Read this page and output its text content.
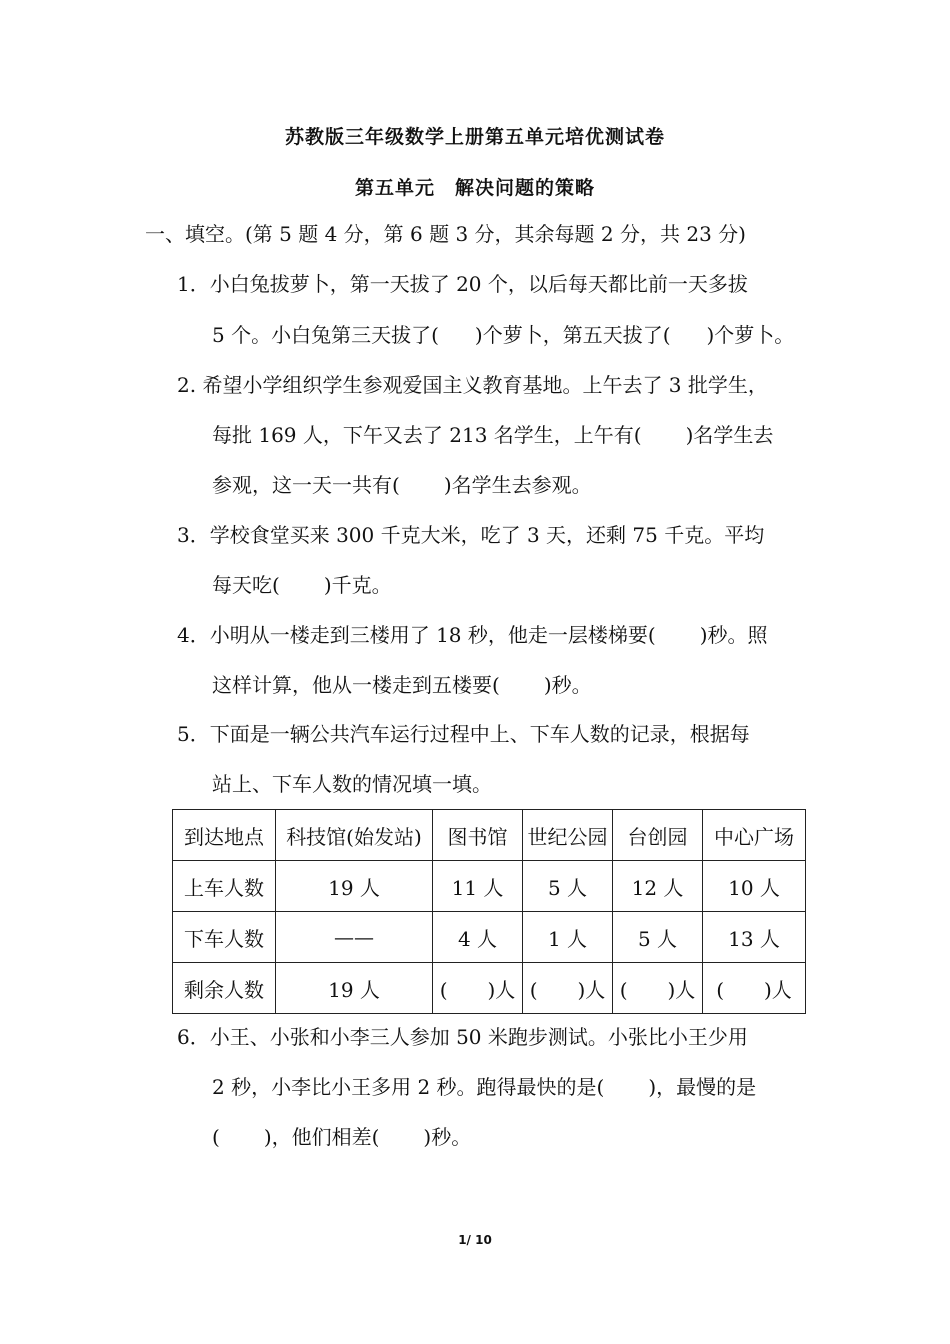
苏教版三年级数学上册第五单元培优测试卷
第五单元　解决问题的策略
一、填空。(第 5 题 4 分，第 6 题 3 分，其余每题 2 分，共 23 分)
1．小白兔拔萝卜，第一天拔了 20 个，以后每天都比前一天多拔
5 个。小白兔第三天拔了( )个萝卜，第五天拔了( )个萝卜。
2. 希望小学组织学生参观爱国主义教育基地。上午去了 3 批学生，
每批 169 人，下午又去了 213 名学生，上午有( )名学生去
参观，这一天一共有( )名学生去参观。
3．学校食堂买来 300 千克大米，吃了 3 天，还剩 75 千克。平均
每天吃( )千克。
4．小明从一楼走到三楼用了 18 秒，他走一层楼梯要( )秒。照
这样计算，他从一楼走到五楼要( )秒。
5．下面是一辆公共汽车运行过程中上、下车人数的记录，根据每
站上、下车人数的情况填一填。
到达地点	科技馆(始发站)	图书馆	世纪公园	台创园	中心广场
上车人数	19 人	11 人	5 人	12 人	10 人
下车人数	——	4 人	1 人	5 人	13 人
剩余人数	19 人	(　　)人	(　　)人	(　　)人	(　　)人
6．小王、小张和小李三人参加 50 米跑步测试。小张比小王少用
2 秒，小李比小王多用 2 秒。跑得最快的是( )，最慢的是
( )，他们相差( )秒。
1/ 10
